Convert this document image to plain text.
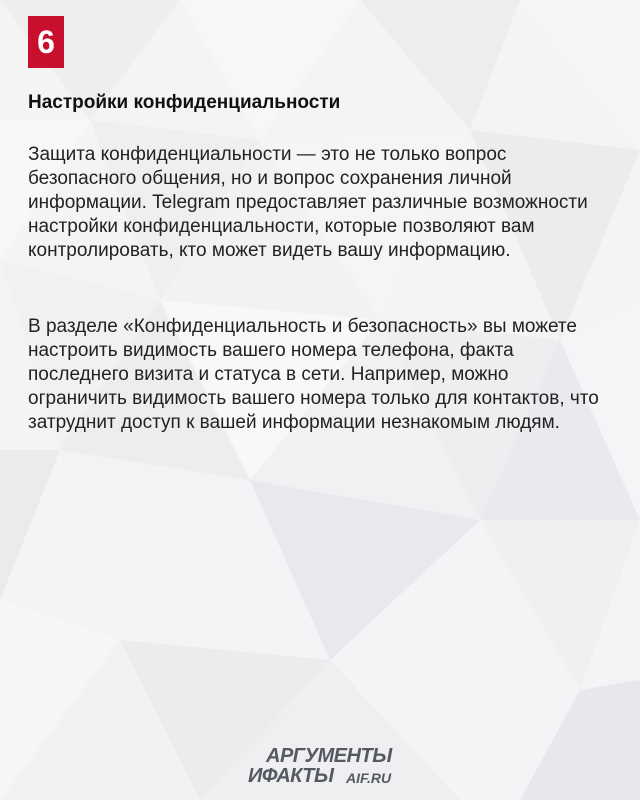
6
Настройки конфиденциальности
Защита конфиденциальности — это не только вопрос безопасного общения, но и вопрос сохранения личной информации. Telegram предоставляет различные возможности настройки конфиденциальности, которые позволяют вам контролировать, кто может видеть вашу информацию.
В разделе «Конфиденциальность и безопасность» вы можете настроить видимость вашего номера телефона, факта последнего визита и статуса в сети. Например, можно ограничить видимость вашего номера только для контактов, что затруднит доступ к вашей информации незнакомым людям.
АРГУМЕНТЫ
ИФАКТЫ AIF.RU
